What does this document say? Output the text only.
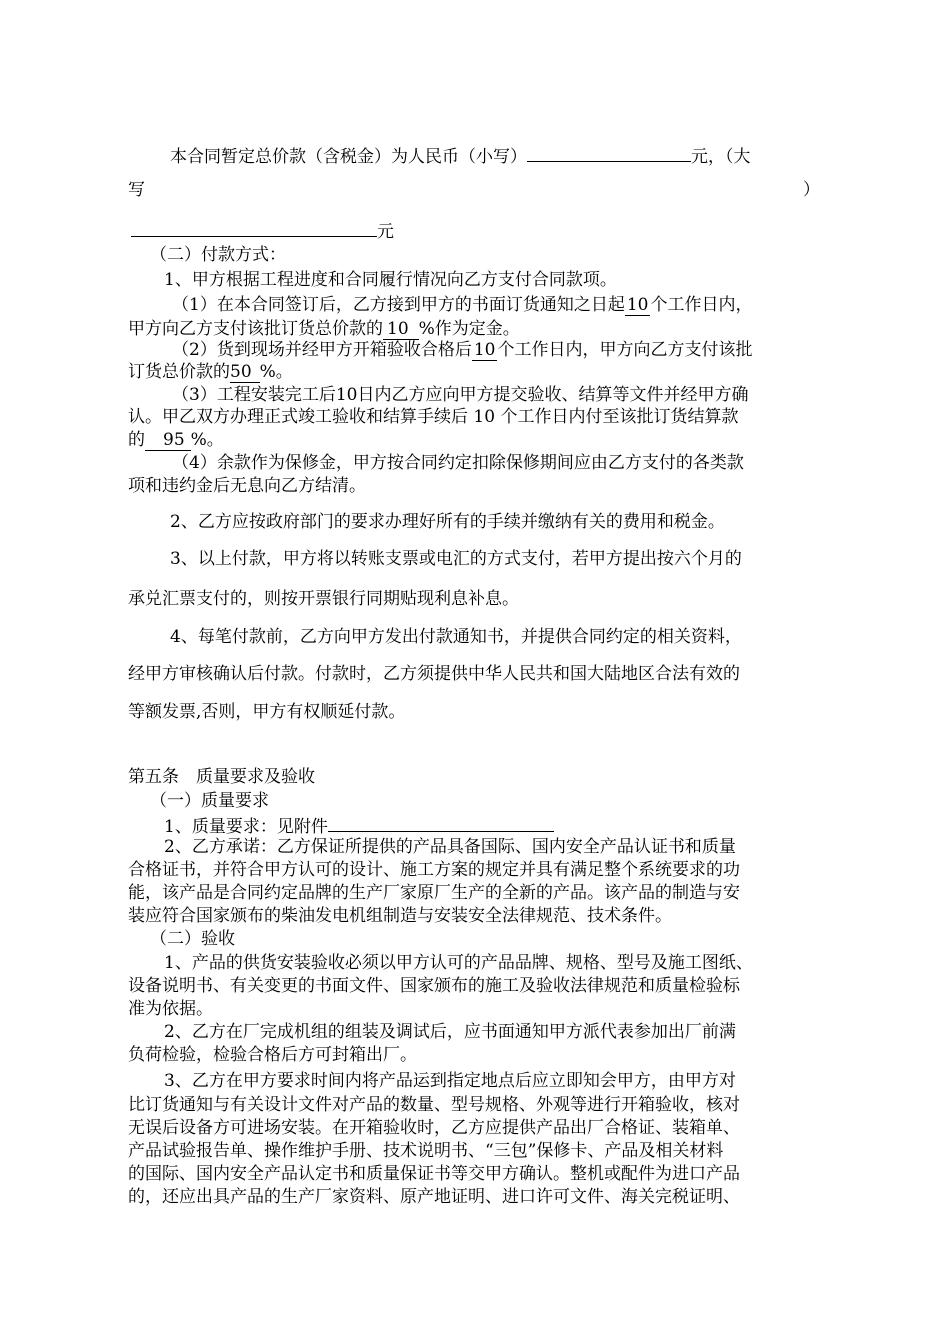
本合同暂定总价款（含税金）为人民币（小写）	元，（大
写	）
元
（二）付款方式：
1、甲方根据工程进度和合同履行情况向乙方支付合同款项。
（1）在本合同签订后，乙方接到甲方的书面订货通知之日起 10 个工作日内，
甲方向乙方支付该批订货总价款的 10 %作为定金。
（2）货到现场并经甲方开箱验收合格后 10 个工作日内，甲方向乙方支付该批
订货总价款的50 %。
（3）工程安装完工后10日内乙方应向甲方提交验收、结算等文件并经甲方确
认。甲乙双方办理正式竣工验收和结算手续后 10 个工作日内付至该批订货结算款
的 95 %。
（4）余款作为保修金，甲方按合同约定扣除保修期间应由乙方支付的各类款
项和违约金后无息向乙方结清。
2、乙方应按政府部门的要求办理好所有的手续并缴纳有关的费用和税金。
3、以上付款，甲方将以转账支票或电汇的方式支付，若甲方提出按六个月的
承兑汇票支付的，则按开票银行同期贴现利息补息。
4、每笔付款前，乙方向甲方发出付款通知书，并提供合同约定的相关资料，
经甲方审核确认后付款。付款时，乙方须提供中华人民共和国大陆地区合法有效的
等额发票,否则，甲方有权顺延付款。
第五条　质量要求及验收
（一）质量要求
1、质量要求：见附件
2、乙方承诺：乙方保证所提供的产品具备国际、国内安全产品认证书和质量
合格证书，并符合甲方认可的设计、施工方案的规定并具有满足整个系统要求的功
能，该产品是合同约定品牌的生产厂家原厂生产的全新的产品。该产品的制造与安
装应符合国家颁布的柴油发电机组制造与安装安全法律规范、技术条件。
（二）验收
1、产品的供货安装验收必须以甲方认可的产品品牌、规格、型号及施工图纸、
设备说明书、有关变更的书面文件、国家颁布的施工及验收法律规范和质量检验标
准为依据。
2、乙方在厂完成机组的组装及调试后，应书面通知甲方派代表参加出厂前满
负荷检验，检验合格后方可封箱出厂。
3、乙方在甲方要求时间内将产品运到指定地点后应立即知会甲方，由甲方对
比订货通知与有关设计文件对产品的数量、型号规格、外观等进行开箱验收，核对
无误后设备方可进场安装。在开箱验收时，乙方应提供产品出厂合格证、装箱单、
产品试验报告单、操作维护手册、技术说明书、“三包”保修卡、产品及相关材料
的国际、国内安全产品认定书和质量保证书等交甲方确认。整机或配件为进口产品
的，还应出具产品的生产厂家资料、原产地证明、进口许可文件、海关完税证明、
